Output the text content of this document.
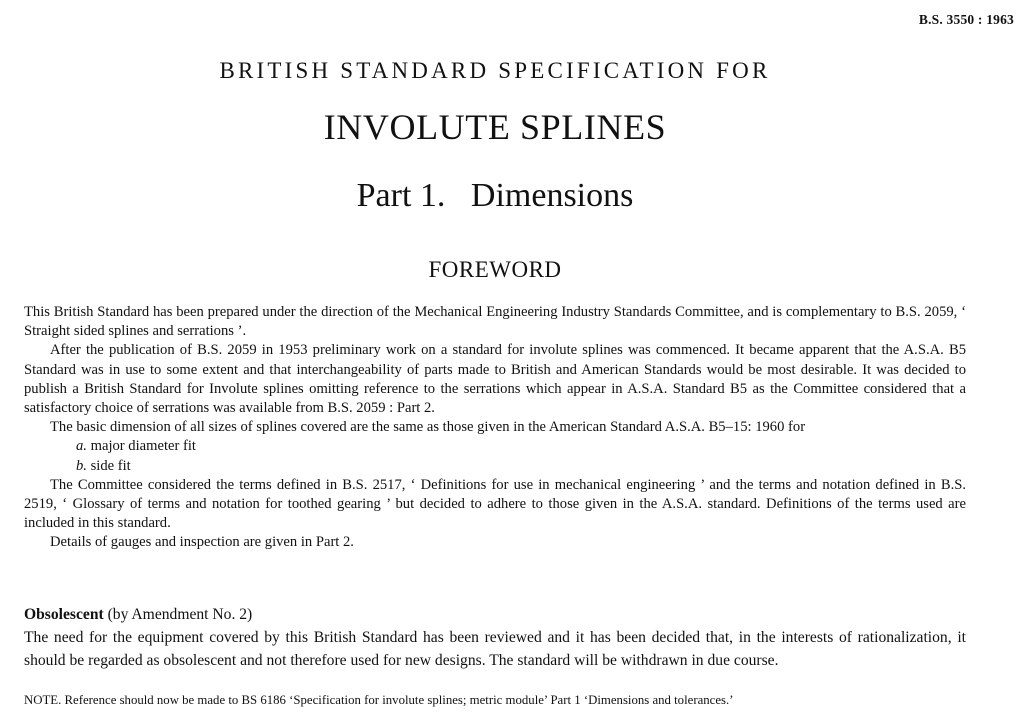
B.S. 3550 : 1963
BRITISH STANDARD SPECIFICATION FOR
INVOLUTE SPLINES
Part 1.   Dimensions
FOREWORD

This British Standard has been prepared under the direction of the Mechanical Engineering Industry Standards Committee, and is complementary to B.S. 2059, ‘ Straight sided splines and serrations ’.

After the publication of B.S. 2059 in 1953 preliminary work on a standard for involute splines was commenced. It became apparent that the A.S.A. B5 Standard was in use to some extent and that interchangeability of parts made to British and American Standards would be most desirable. It was decided to publish a British Standard for Involute splines omitting reference to the serrations which appear in A.S.A. Standard B5 as the Committee considered that a satisfactory choice of serrations was available from B.S. 2059 : Part 2.

The basic dimension of all sizes of splines covered are the same as those given in the American Standard A.S.A. B5–15: 1960 for

a. major diameter fit

b. side fit

The Committee considered the terms defined in B.S. 2517, ‘ Definitions for use in mechanical engineering ’ and the terms and notation defined in B.S. 2519, ‘ Glossary of terms and notation for toothed gearing ’ but decided to adhere to those given in the A.S.A. standard. Definitions of the terms used are included in this standard.

Details of gauges and inspection are given in Part 2.

Obsolescent (by Amendment No. 2)

The need for the equipment covered by this British Standard has been reviewed and it has been decided that, in the interests of rationalization, it should be regarded as obsolescent and not therefore used for new designs. The standard will be withdrawn in due course.

NOTE. Reference should now be made to BS 6186 ‘Specification for involute splines; metric module’ Part 1 ‘Dimensions and tolerances.’
